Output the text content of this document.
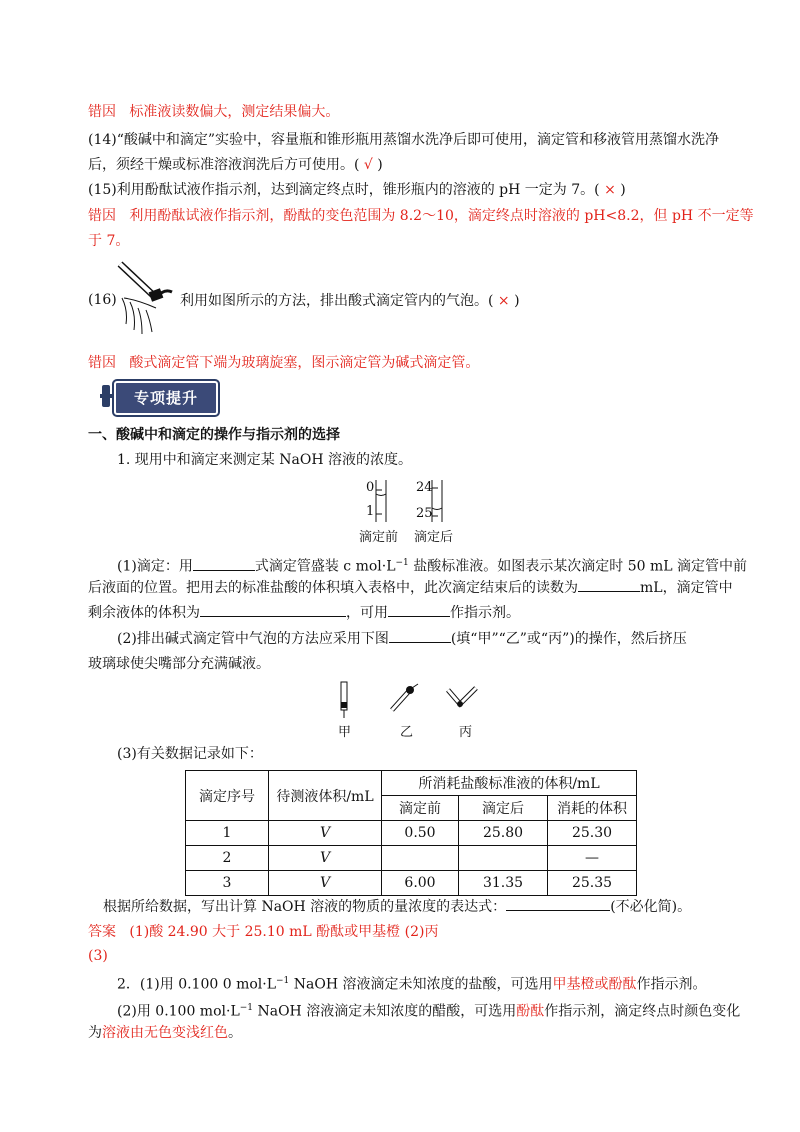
错因 标准液读数偏大，测定结果偏大。
(14)“酸碱中和滴定”实验中，容量瓶和锥形瓶用蒸馏水洗净后即可使用，滴定管和移液管用蒸馏水洗净
后，须经干燥或标准溶液润洗后方可使用。( √ )
(15)利用酚酞试液作指示剂，达到滴定终点时，锥形瓶内的溶液的 pH 一定为 7。( × )
错因 利用酚酞试液作指示剂，酚酞的变色范围为 8.2～10，滴定终点时溶液的 pH<8.2，但 pH 不一定等
于 7。
(16)	利用如图所示的方法，排出酸式滴定管内的气泡。( × )
错因 酸式滴定管下端为玻璃旋塞，图示滴定管为碱式滴定管。
专项提升
一、酸碱中和滴定的操作与指示剂的选择
1. 现用中和滴定来测定某 NaOH 溶液的浓度。
0
1
24
25
滴定前 滴定后
(1)滴定：用	式滴定管盛装 c $mol\cdot L^{-1}$ 盐酸标准液。如图表示某次滴定时 50 mL 滴定管中前
后液面的位置。把用去的标准盐酸的体积填入表格中，此次滴定结束后的读数为	mL，滴定管中
剩余液体的体积为	，可用	作指示剂。
(2)排出碱式滴定管中气泡的方法应采用下图	(填“甲”“乙”或“丙”)的操作，然后挤压
玻璃球使尖嘴部分充满碱液。
甲	乙	丙
(3)有关数据记录如下：
滴定序号	待测液体积/mL	所消耗盐酸标准液的体积/mL		
		滴定前	滴定后	消耗的体积
1	V	0.50	25.80	25.30
2	V			—
3	V	6.00	31.35	25.35
根据所给数据，写出计算 NaOH 溶液的物质的量浓度的表达式：	(不必化简)。
答案 (1)酸 24.90 大于 25.10 mL 酚酞或甲基橙 (2)丙
(3)
2．(1)用 0.100 0 $mol\cdot L^{-1}$ NaOH 溶液滴定未知浓度的盐酸，可选用甲基橙或酚酞作指示剂。
(2)用 0.100 $mol\cdot L^{-1}$ NaOH 溶液滴定未知浓度的醋酸，可选用酚酞作指示剂，滴定终点时颜色变化
为溶液由无色变浅红色。
